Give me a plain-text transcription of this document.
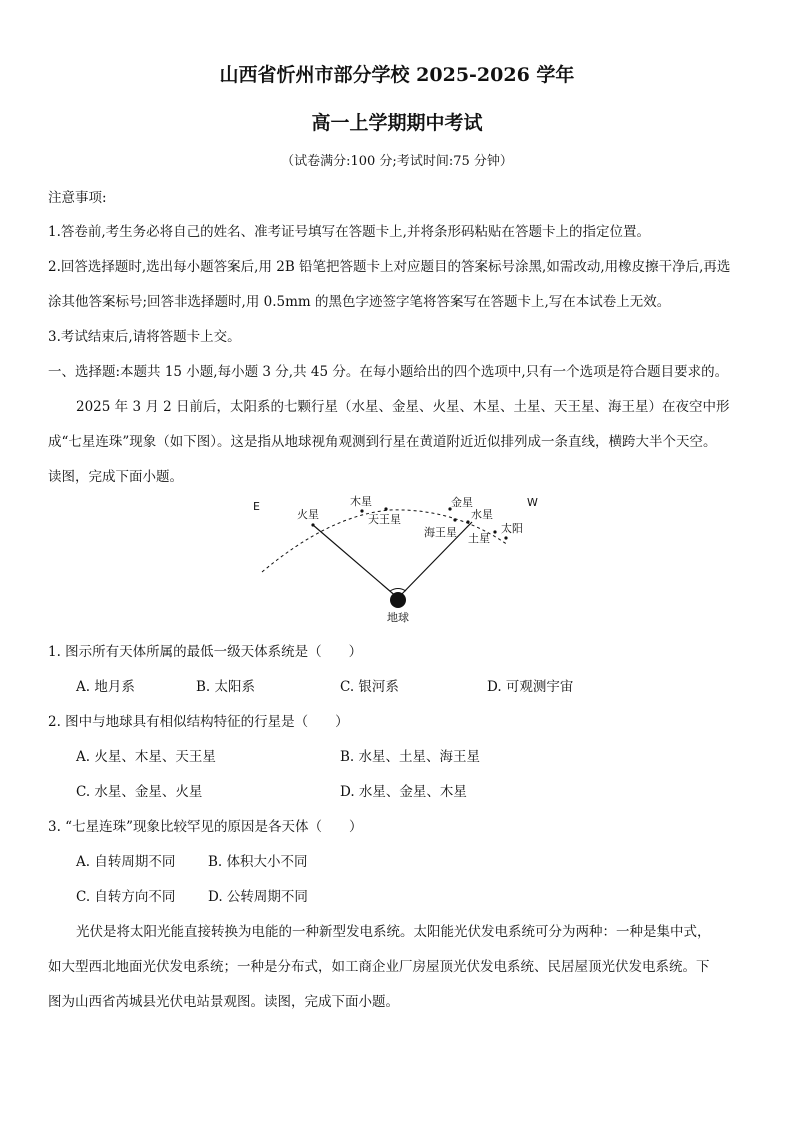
山西省忻州市部分学校 2025-2026 学年
高一上学期期中考试
（试卷满分:100 分;考试时间:75 分钟）
注意事项:
1.答卷前,考生务必将自己的姓名、准考证号填写在答题卡上,并将条形码粘贴在答题卡上的指定位置。
2.回答选择题时,选出每小题答案后,用 2B 铅笔把答题卡上对应题目的答案标号涂黑,如需改动,用橡皮擦干净后,再选
涂其他答案标号;回答非选择题时,用 0.5mm 的黑色字迹签字笔将答案写在答题卡上,写在本试卷上无效。
3.考试结束后,请将答题卡上交。
一、选择题:本题共 15 小题,每小题 3 分,共 45 分。在每小题给出的四个选项中,只有一个选项是符合题目要求的。
2025 年 3 月 2 日前后，太阳系的七颗行星（水星、金星、火星、木星、土星、天王星、海王星）在夜空中形
成“七星连珠”现象（如下图）。这是指从地球视角观测到行星在黄道附近近似排列成一条直线，横跨大半个天空。
读图，完成下面小题。
E	W
火星
木星
天王星
金星
海王星
水星
土星
太阳
地球
1. 图示所有天体所属的最低一级天体系统是（　　）
A. 地月系	B. 太阳系	C. 银河系	D. 可观测宇宙
2. 图中与地球具有相似结构特征的行星是（　　）
A. 火星、木星、天王星	B. 水星、土星、海王星
C. 水星、金星、火星	D. 水星、金星、木星
3. “七星连珠”现象比较罕见的原因是各天体（　　）
A. 自转周期不同 B. 体积大小不同
C. 自转方向不同 D. 公转周期不同
光伏是将太阳光能直接转换为电能的一种新型发电系统。太阳能光伏发电系统可分为两种：一种是集中式，
如大型西北地面光伏发电系统；一种是分布式，如工商企业厂房屋顶光伏发电系统、民居屋顶光伏发电系统。下
图为山西省芮城县光伏电站景观图。读图，完成下面小题。
